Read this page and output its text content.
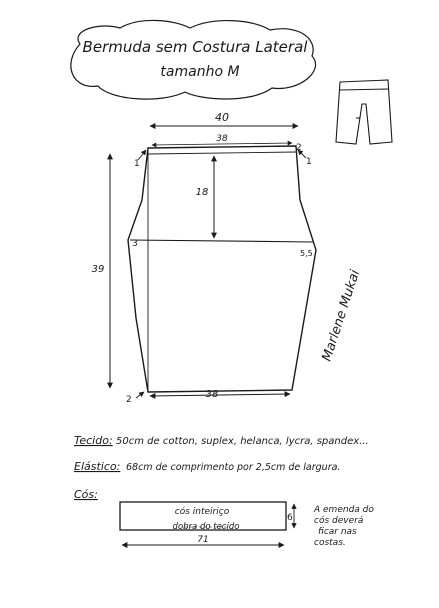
Bermuda sem Costura Lateral
tamanho M
40
38
18
39
38
1	1
2
3
5,5
2
Marlene Mukai
Tecido: 50cm de cotton, suplex, helanca, lycra, spandex...
Elástico: 68cm de comprimento por 2,5cm de largura.
Cós:
cós inteiriço
dobra do tecido
6
71
A emenda do
cós deverá
ficar nas
costas.
